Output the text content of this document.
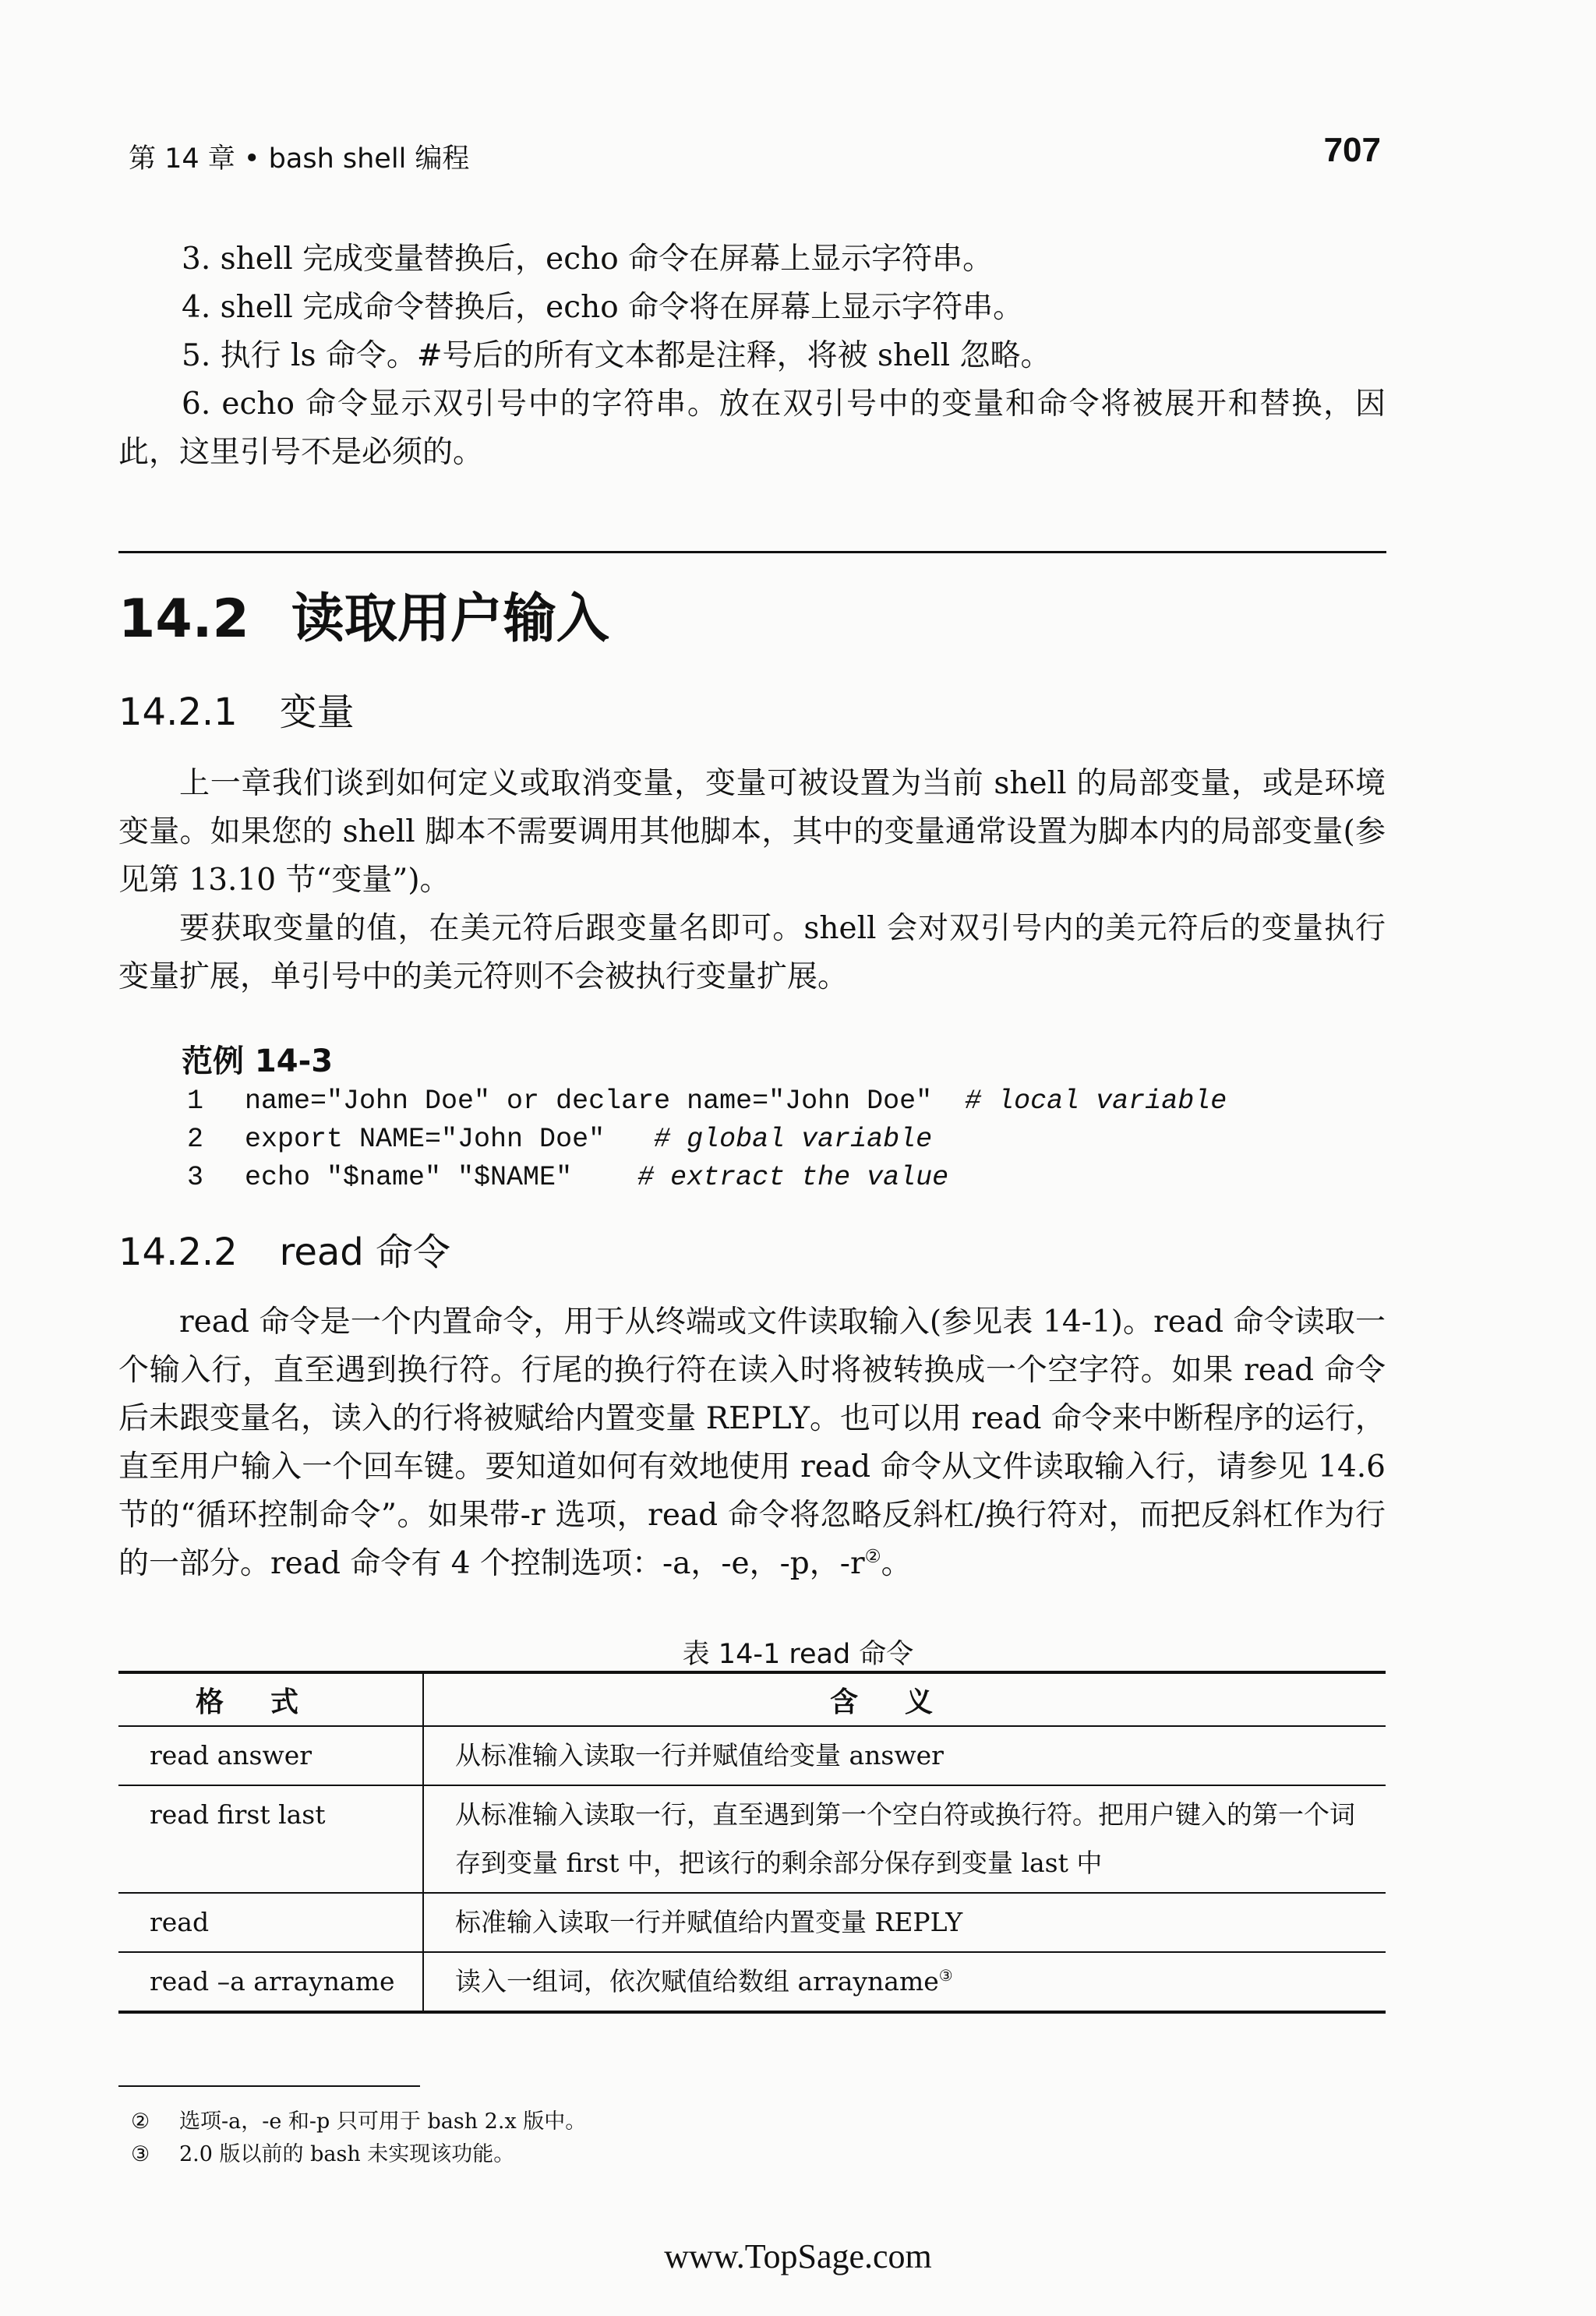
第 14 章 • bash shell 编程	707
3. shell 完成变量替换后，echo 命令在屏幕上显示字符串。
4. shell 完成命令替换后，echo 命令将在屏幕上显示字符串。
5. 执行 ls 命令。#号后的所有文本都是注释，将被 shell 忽略。
6. echo 命令显示双引号中的字符串。放在双引号中的变量和命令将被展开和替换，因此，这里引号不是必须的。
14.2 读取用户输入
14.2.1 变量
上一章我们谈到如何定义或取消变量，变量可被设置为当前 shell 的局部变量，或是环境变量。如果您的 shell 脚本不需要调用其他脚本，其中的变量通常设置为脚本内的局部变量(参见第 13.10 节“变量”)。
要获取变量的值，在美元符后跟变量名即可。shell 会对双引号内的美元符后的变量执行变量扩展，单引号中的美元符则不会被执行变量扩展。
范例 14-3
1 name="John Doe" or declare name="John Doe"  # local variable
2 export NAME="John Doe"   # global variable
3 echo "$name" "$NAME"    # extract the value
14.2.2 read 命令
read 命令是一个内置命令，用于从终端或文件读取输入(参见表 14-1)。read 命令读取一个输入行，直至遇到换行符。行尾的换行符在读入时将被转换成一个空字符。如果 read 命令后未跟变量名，读入的行将被赋给内置变量 REPLY。也可以用 read 命令来中断程序的运行，直至用户输入一个回车键。要知道如何有效地使用 read 命令从文件读取输入行，请参见 14.6 节的“循环控制命令”。如果带-r 选项，read 命令将忽略反斜杠/换行符对，而把反斜杠作为行的一部分。read 命令有 4 个控制选项：-a，-e，-p，-r②。
表 14-1 read 命令
格式	含义
read answer	从标准输入读取一行并赋值给变量 answer
read first last	从标准输入读取一行，直至遇到第一个空白符或换行符。把用户键入的第一个词存到变量 first 中，把该行的剩余部分保存到变量 last 中
read	标准输入读取一行并赋值给内置变量 REPLY
read –a arrayname	读入一组词，依次赋值给数组 arrayname③
② 选项-a，-e 和-p 只可用于 bash 2.x 版中。
③ 2.0 版以前的 bash 未实现该功能。
www.TopSage.com
